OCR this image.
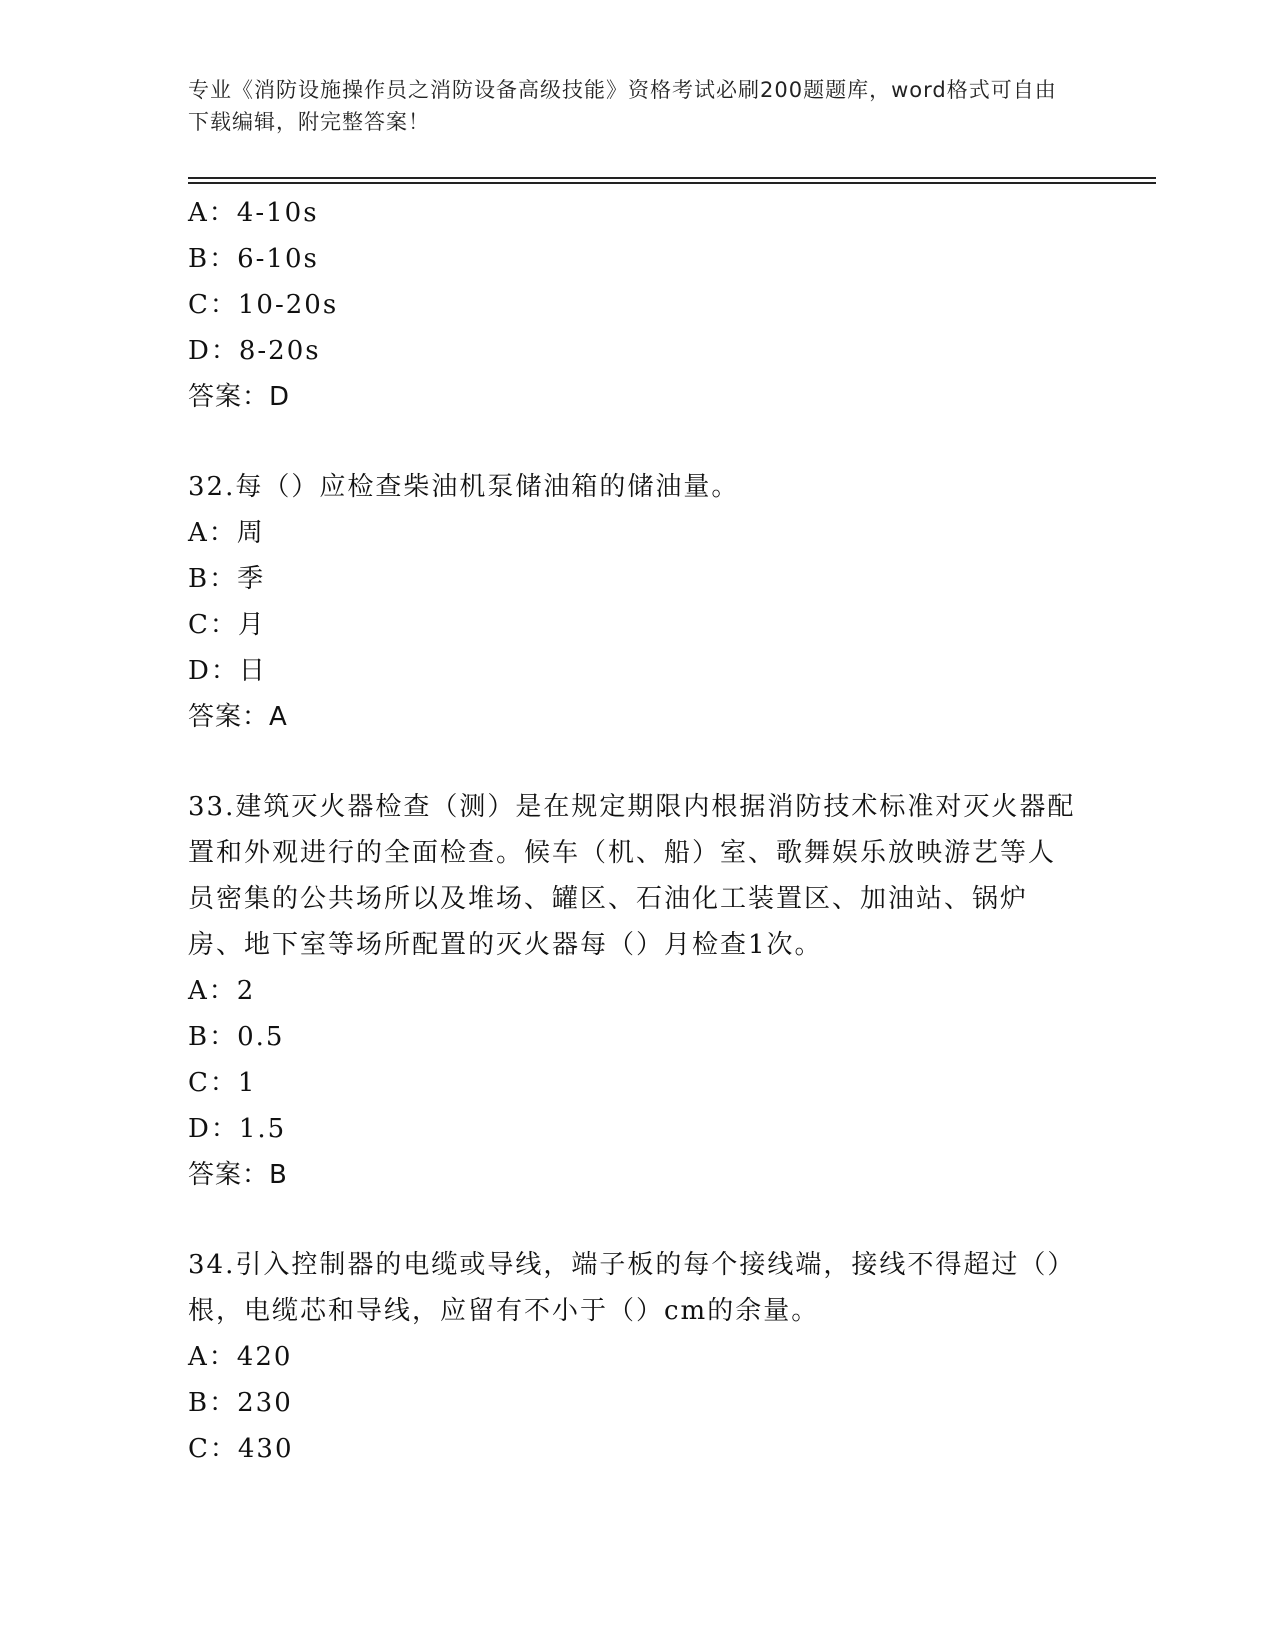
专业《消防设施操作员之消防设备高级技能》资格考试必刷200题题库，word格式可自由下载编辑，附完整答案！
A：4-10s
B：6-10s
C：10-20s
D：8-20s
答案：D
32.每（）应检查柴油机泵储油箱的储油量。
A：周
B：季
C：月
D：日
答案：A
33.建筑灭火器检查（测）是在规定期限内根据消防技术标准对灭火器配置和外观进行的全面检查。候车（机、船）室、歌舞娱乐放映游艺等人员密集的公共场所以及堆场、罐区、石油化工装置区、加油站、锅炉房、地下室等场所配置的灭火器每（）月检查1次。
A：2
B：0.5
C：1
D：1.5
答案：B
34.引入控制器的电缆或导线，端子板的每个接线端，接线不得超过（）根，电缆芯和导线，应留有不小于（）cm的余量。
A：420
B：230
C：430
